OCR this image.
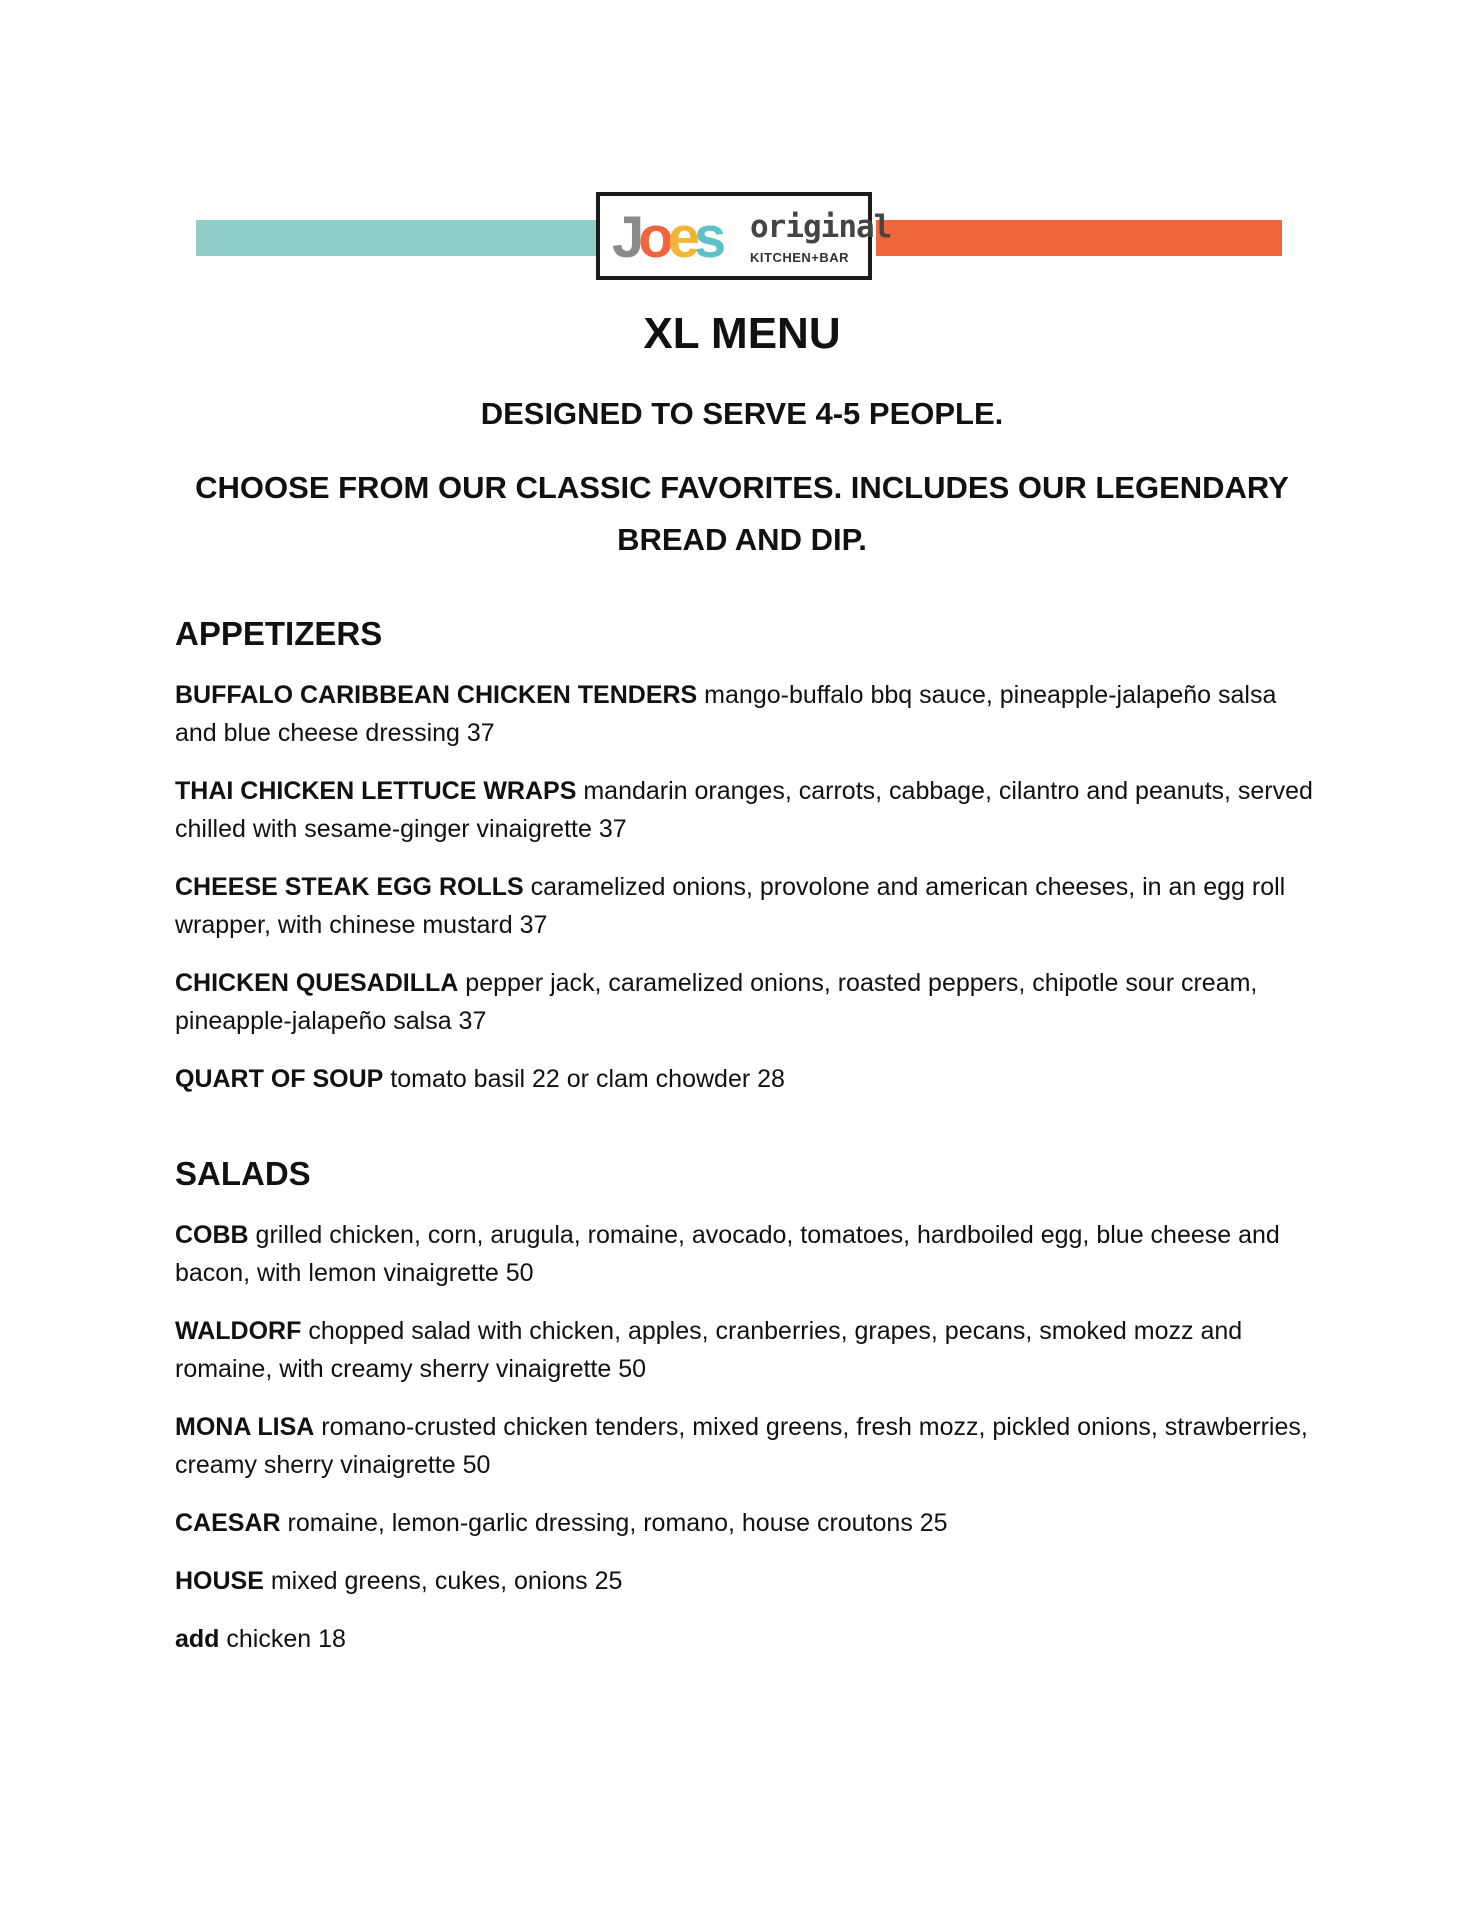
Joes original
KITCHEN+BAR
XL MENU
DESIGNED TO SERVE 4-5 PEOPLE.

CHOOSE FROM OUR CLASSIC FAVORITES. INCLUDES OUR LEGENDARY
BREAD AND DIP.

APPETIZERS

BUFFALO CARIBBEAN CHICKEN TENDERS mango-buffalo bbq sauce, pineapple-jalapeño salsa and blue cheese dressing 37

THAI CHICKEN LETTUCE WRAPS mandarin oranges, carrots, cabbage, cilantro and peanuts, served chilled with sesame-ginger vinaigrette 37

CHEESE STEAK EGG ROLLS caramelized onions, provolone and american cheeses, in an egg roll wrapper, with chinese mustard 37

CHICKEN QUESADILLA pepper jack, caramelized onions, roasted peppers, chipotle sour cream, pineapple-jalapeño salsa 37

QUART OF SOUP tomato basil 22 or clam chowder 28

SALADS

COBB grilled chicken, corn, arugula, romaine, avocado, tomatoes, hardboiled egg, blue cheese and bacon, with lemon vinaigrette 50

WALDORF chopped salad with chicken, apples, cranberries, grapes, pecans, smoked mozz and romaine, with creamy sherry vinaigrette 50

MONA LISA romano-crusted chicken tenders, mixed greens, fresh mozz, pickled onions, strawberries, creamy sherry vinaigrette 50

CAESAR romaine, lemon-garlic dressing, romano, house croutons 25

HOUSE mixed greens, cukes, onions 25

add chicken 18
